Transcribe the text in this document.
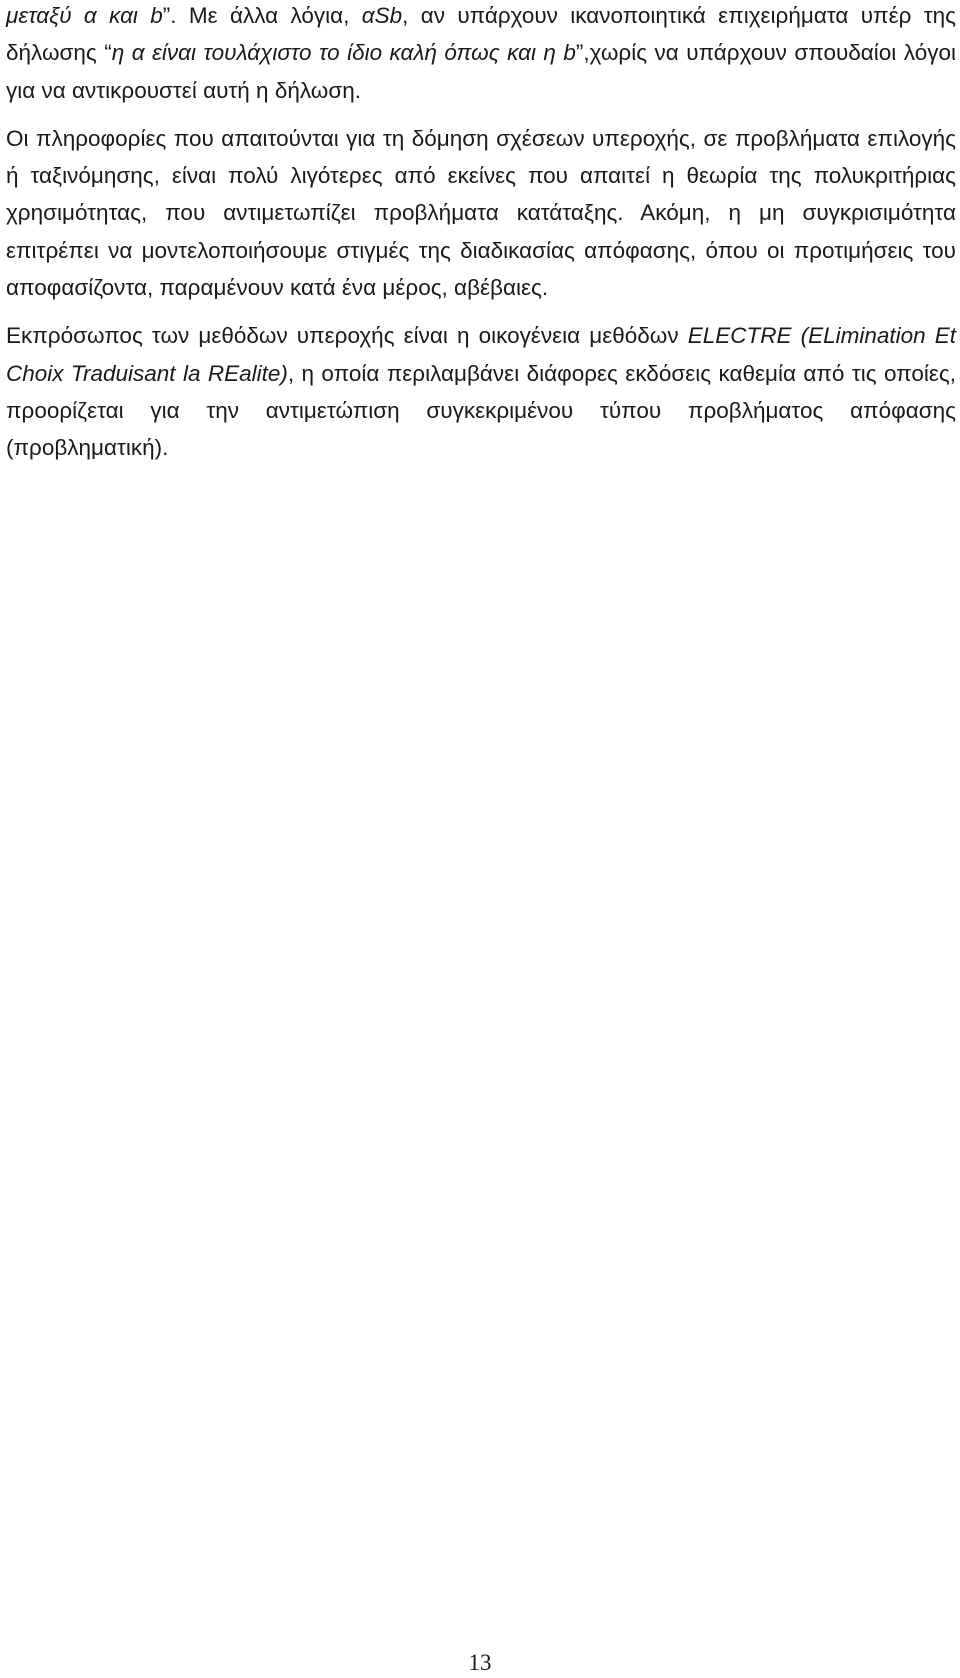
μεταξύ α και b”. Με άλλα λόγια, αSb, αν υπάρχουν ικανοποιητικά επιχειρήματα υπέρ της δήλωσης “η α είναι τουλάχιστο το ίδιο καλή όπως και η b”,χωρίς να υπάρχουν σπουδαίοι λόγοι για να αντικρουστεί αυτή η δήλωση.

Οι πληροφορίες που απαιτούνται για τη δόμηση σχέσεων υπεροχής, σε προβλήματα επιλογής ή ταξινόμησης, είναι πολύ λιγότερες από εκείνες που απαιτεί η θεωρία της πολυκριτήριας χρησιμότητας, που αντιμετωπίζει προβλήματα κατάταξης. Ακόμη, η μη συγκρισιμότητα επιτρέπει να μοντελοποιήσουμε στιγμές της διαδικασίας απόφασης, όπου οι προτιμήσεις του αποφασίζοντα, παραμένουν κατά ένα μέρος, αβέβαιες.

Εκπρόσωπος των μεθόδων υπεροχής είναι η οικογένεια μεθόδων ELECTRE (ELimination Et Choix Traduisant la REalite), η οποία περιλαμβάνει διάφορες εκδόσεις καθεμία από τις οποίες, προορίζεται για την αντιμετώπιση συγκεκριμένου τύπου προβλήματος απόφασης (προβληματική).

13
